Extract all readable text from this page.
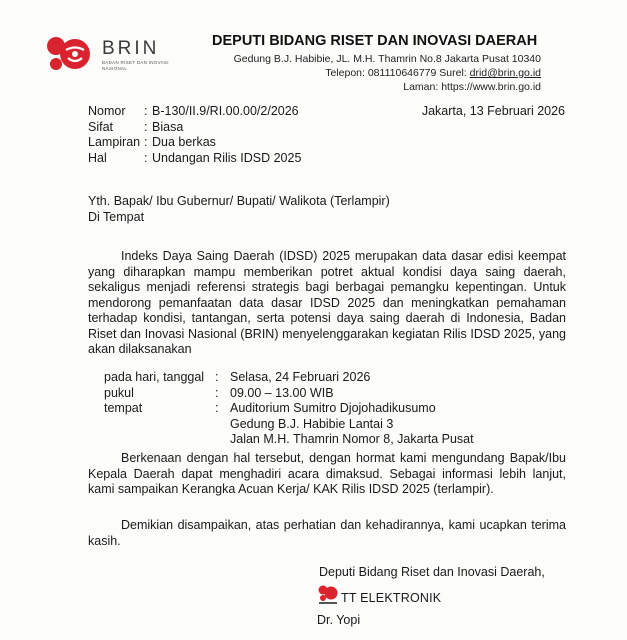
BRIN
BADAN RISET DAN INOVASI NASIONAL
DEPUTI BIDANG RISET DAN INOVASI DAERAH
Gedung B.J. Habibie, JL. M.H. Thamrin No.8 Jakarta Pusat 10340
Telepon: 081110646779 Surel: drid@brin.go.id
Laman: https://www.brin.go.id
Nomor	: B-130/II.9/RI.00.00/2/2026
Sifat	: Biasa
Lampiran : Dua berkas
Hal	: Undangan Rilis IDSD 2025
Jakarta, 13 Februari 2026
Yth. Bapak/ Ibu Gubernur/ Bupati/ Walikota (Terlampir)
Di Tempat
Indeks Daya Saing Daerah (IDSD) 2025 merupakan data dasar edisi keempat yang diharapkan mampu memberikan potret aktual kondisi daya saing daerah, sekaligus menjadi referensi strategis bagi berbagai pemangku kepentingan. Untuk mendorong pemanfaatan data dasar IDSD 2025 dan meningkatkan pemahaman terhadap kondisi, tantangan, serta potensi daya saing daerah di Indonesia, Badan Riset dan Inovasi Nasional (BRIN) menyelenggarakan kegiatan Rilis IDSD 2025, yang akan dilaksanakan
pada hari, tanggal : Selasa, 24 Februari 2026
pukul	: 09.00 – 13.00 WIB
tempat	: Auditorium Sumitro Djojohadikusumo
Gedung B.J. Habibie Lantai 3
Jalan M.H. Thamrin Nomor 8, Jakarta Pusat
Berkenaan dengan hal tersebut, dengan hormat kami mengundang Bapak/Ibu Kepala Daerah dapat menghadiri acara dimaksud. Sebagai informasi lebih lanjut, kami sampaikan Kerangka Acuan Kerja/ KAK Rilis IDSD 2025 (terlampir).
Demikian disampaikan, atas perhatian dan kehadirannya, kami ucapkan terima kasih.
Deputi Bidang Riset dan Inovasi Daerah,
TT ELEKTRONIK
Dr. Yopi
